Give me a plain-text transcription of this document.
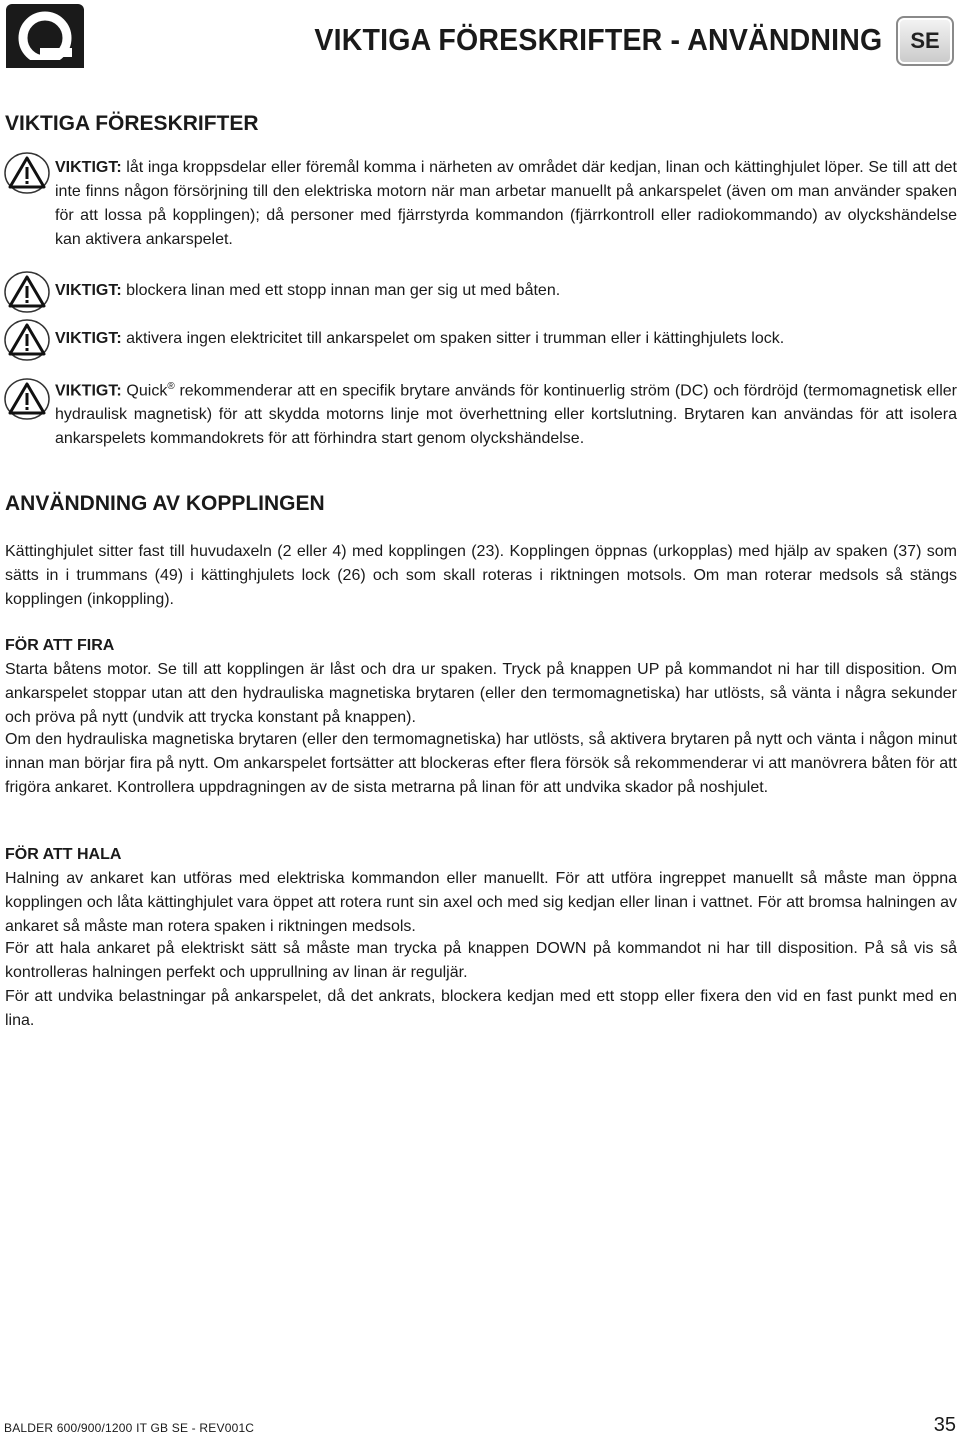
VIKTIGA FÖRESKRIFTER - ANVÄNDNING	SE
VIKTIGA FÖRESKRIFTER

VIKTIGT: låt inga kroppsdelar eller föremål komma i närheten av området där kedjan, linan och kättinghjulet löper. Se till att det inte finns någon försörjning till den elektriska motorn när man arbetar manuellt på ankarspelet (även om man använder spaken för att lossa på kopplingen); då personer med fjärrstyrda kommandon (fjärrkontroll eller radiokommando) av olyckshändelse kan aktivera ankarspelet.

VIKTIGT: blockera linan med ett stopp innan man ger sig ut med båten.

VIKTIGT: aktivera ingen elektricitet till ankarspelet om spaken sitter i trumman eller i kättinghjulets lock.

VIKTIGT: Quick® rekommenderar att en specifik brytare används för kontinuerlig ström (DC) och fördröjd (termomagnetisk eller hydraulisk magnetisk) för att skydda motorns linje mot överhettning eller kortslutning. Brytaren kan användas för att isolera ankarspelets kommandokrets för att förhindra start genom olyckshändelse.

ANVÄNDNING AV KOPPLINGEN

Kättinghjulet sitter fast till huvudaxeln (2 eller 4) med kopplingen (23). Kopplingen öppnas (urkopplas) med hjälp av spaken (37) som sätts in i trummans (49) i kättinghjulets lock (26) och som skall roteras i riktningen motsols. Om man roterar medsols så stängs kopplingen (inkoppling).

FÖR ATT FIRA

Starta båtens motor. Se till att kopplingen är låst och dra ur spaken. Tryck på knappen UP på kommandot ni har till disposition. Om ankarspelet stoppar utan att den hydrauliska magnetiska brytaren (eller den termomagnetiska) har utlösts, så vänta i några sekunder och pröva på nytt (undvik att trycka konstant på knappen).

Om den hydrauliska magnetiska brytaren (eller den termomagnetiska) har utlösts, så aktivera brytaren på nytt och vänta i någon minut innan man börjar fira på nytt. Om ankarspelet fortsätter att blockeras efter flera försök så rekommenderar vi att manövrera båten för att frigöra ankaret. Kontrollera uppdragningen av de sista metrarna på linan för att undvika skador på noshjulet.

FÖR ATT HALA

Halning av ankaret kan utföras med elektriska kommandon eller manuellt. För att utföra ingreppet manuellt så måste man öppna kopplingen och låta kättinghjulet vara öppet att rotera runt sin axel och med sig kedjan eller linan i vattnet. För att bromsa halningen av ankaret så måste man rotera spaken i riktningen medsols.

För att hala ankaret på elektriskt sätt så måste man trycka på knappen DOWN på kommandot ni har till disposition. På så vis så kontrolleras halningen perfekt och upprullning av linan är reguljär.

För att undvika belastningar på ankarspelet, då det ankrats, blockera kedjan med ett stopp eller fixera den vid en fast punkt med en lina.

BALDER 600/900/1200 IT GB SE - REV001C	35
